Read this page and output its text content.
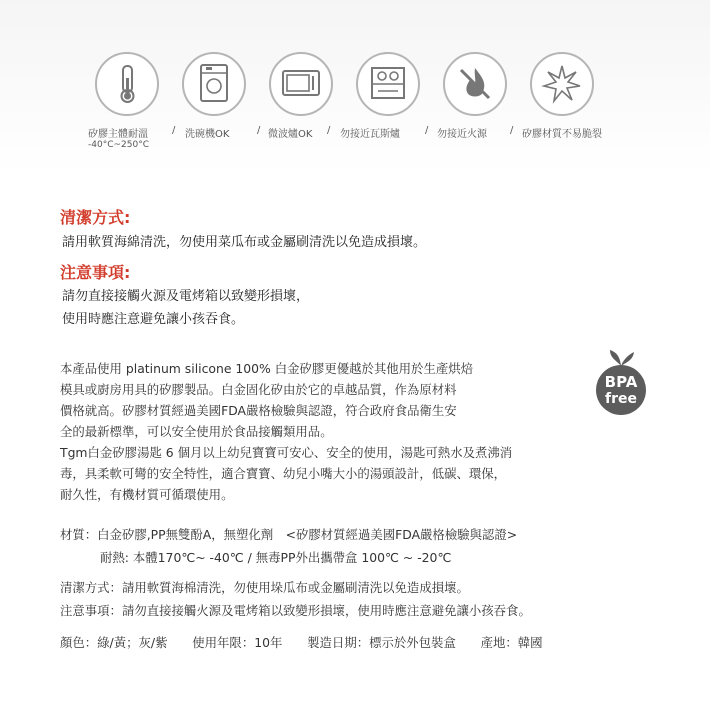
矽膠主體耐溫 / 洗碗機OK	/ 微波爐OK / 勿接近瓦斯爐	/ 勿接近火源 / 矽膠材質不易脆裂
-40°C~250°C
清潔方式:
請用軟質海綿清洗，勿使用菜瓜布或金屬刷清洗以免造成損壞。
注意事項:
請勿直接接觸火源及電烤箱以致變形損壞，
使用時應注意避免讓小孩吞食。
本產品使用 platinum silicone 100% 白金矽膠更優越於其他用於生產烘焙
模具或廚房用具的矽膠製品。白金固化矽由於它的卓越品質，作為原材料
價格就高。矽膠材質經過美國FDA嚴格檢驗與認證，符合政府食品衛生安
全的最新標準，可以安全使用於食品接觸類用品。
Tgm白金矽膠湯匙 6 個月以上幼兒寶寶可安心、安全的使用，湯匙可熱水及煮沸消
毒，具柔軟可彎的安全特性，適合寶寶、幼兒小嘴大小的湯頭設計，低碳、環保，
耐久性，有機材質可循環使用。
BPA
free
材質：白金矽膠,PP無雙酚A，無塑化劑　<矽膠材質經過美國FDA嚴格檢驗與認證>
耐熱: 本體170℃~ -40℃ / 無毒PP外出攜帶盒 100℃ ~ -20℃
清潔方式：請用軟質海棉清洗，勿使用垛瓜布或金屬刷清洗以免造成損壞。
注意事項：請勿直接接觸火源及電烤箱以致變形損壞，使用時應注意避免讓小孩吞食。
顏色：綠/黃；灰/紫　　使用年限：10年　　製造日期：標示於外包裝盒　　產地：韓國
